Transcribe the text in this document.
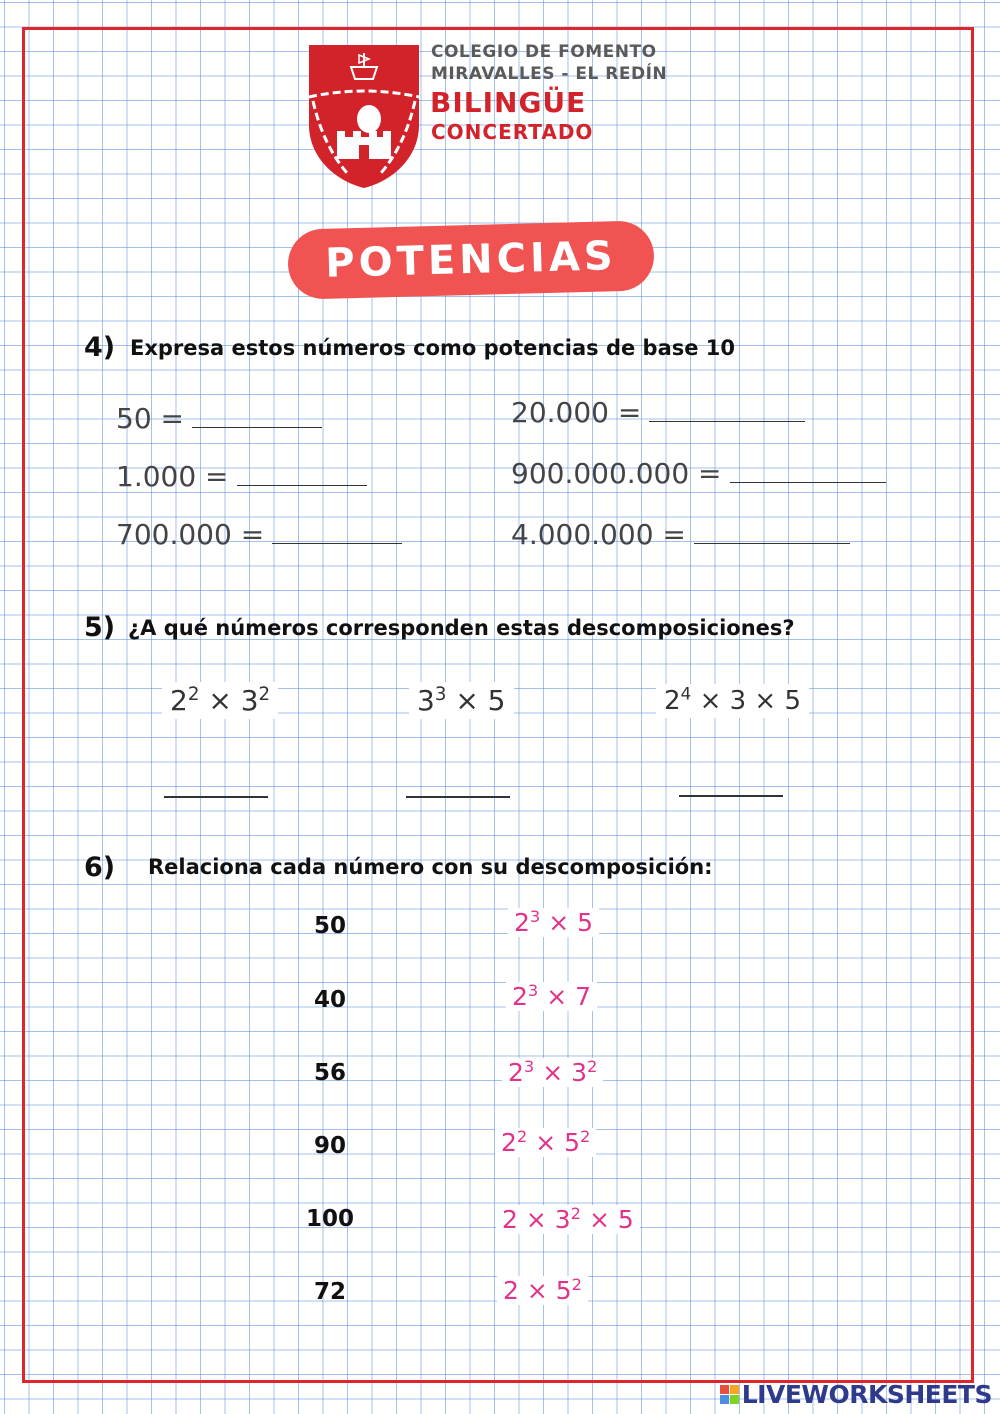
COLEGIO DE FOMENTO
MIRAVALLES - EL REDÍN
BILINGÜE
CONCERTADO
POTENCIAS
4) Expresa estos números como potencias de base 10
50 =
1.000 =
700.000 =
20.000 =
900.000.000 =
4.000.000 =
5) ¿A qué números corresponden estas descomposiciones?
$2^2 \times 3^2$	$3^3 \times 5$	$2^4 \times 3 \times 5$
6) Relaciona cada número con su descomposición:
50
40
56
90
100
72
$2^3 \times 5$
$2^3 \times 7$
$2^3 \times 3^2$
$2^2 \times 5^2$
$2 \times 3^2 \times 5$
$2 \times 5^2$
LIVEWORKSHEETS
